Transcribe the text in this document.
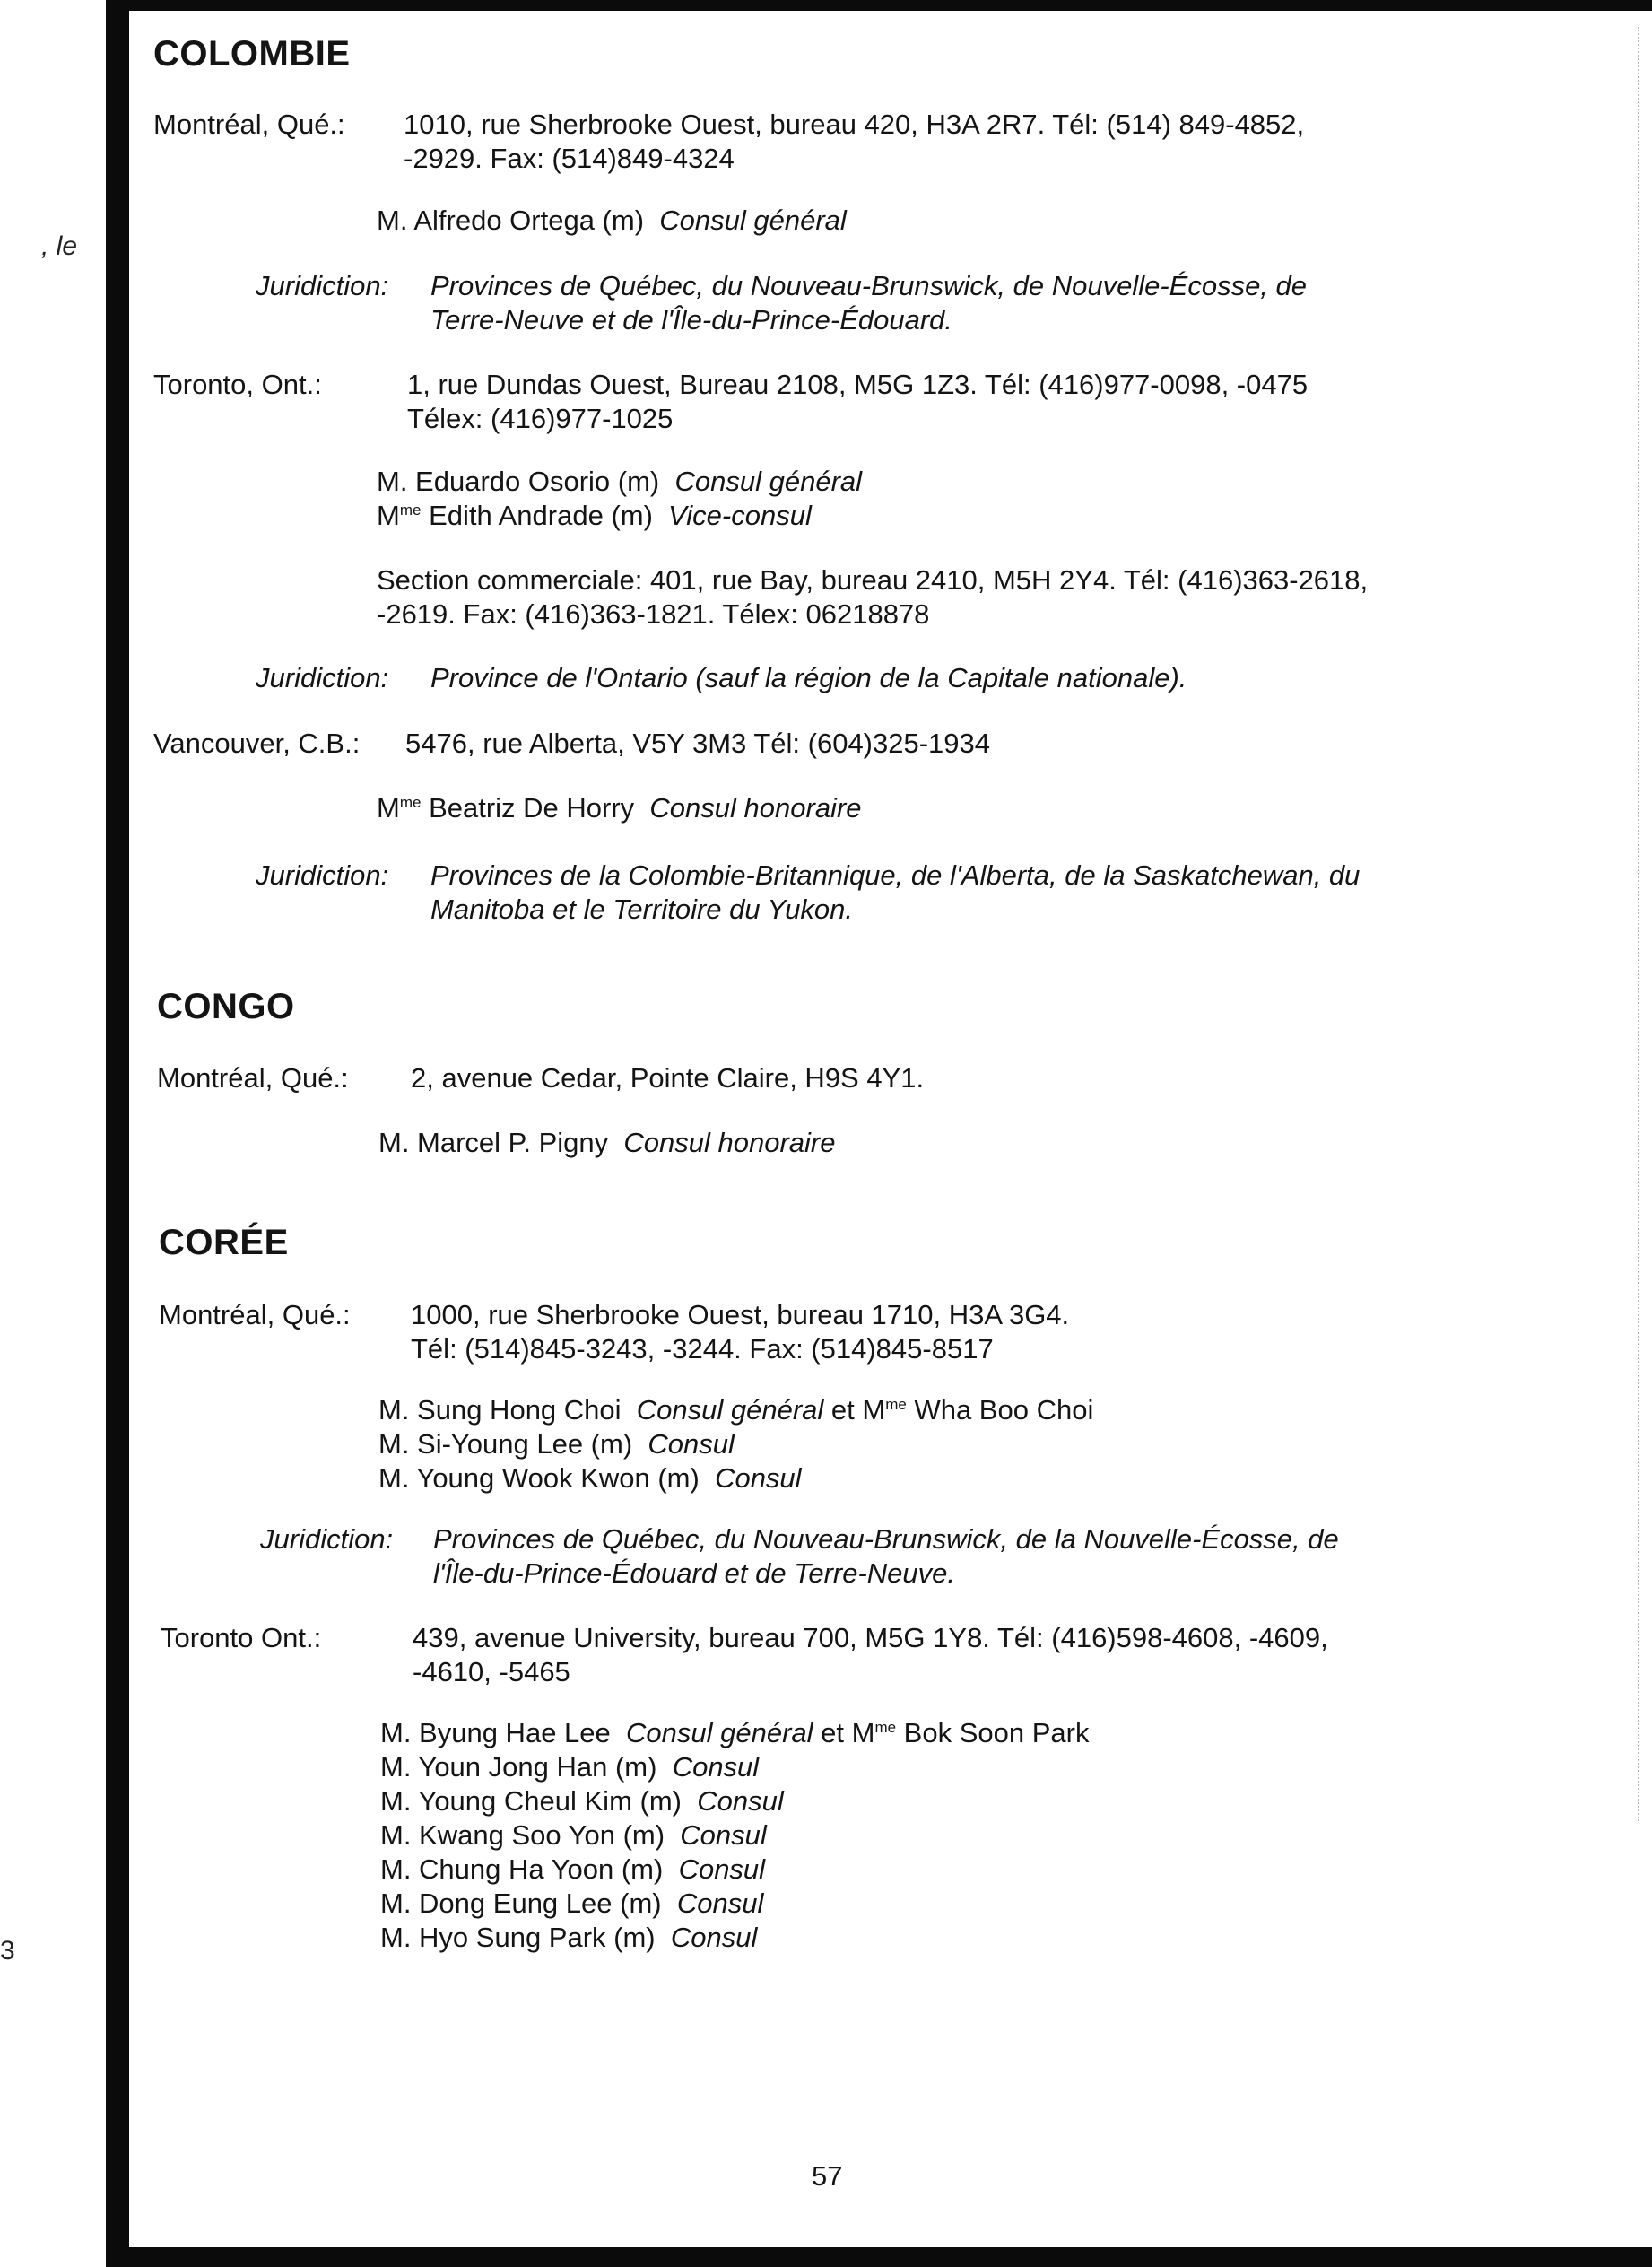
, le
3
COLOMBIE
Montréal, Qué.: 1010, rue Sherbrooke Ouest, bureau 420, H3A 2R7. Tél: (514) 849-4852,
-2929. Fax: (514)849-4324
M. Alfredo Ortega (m) Consul général
Juridiction: Provinces de Québec, du Nouveau-Brunswick, de Nouvelle-Écosse, de
Terre-Neuve et de l'Île-du-Prince-Édouard.
Toronto, Ont.:	1, rue Dundas Ouest, Bureau 2108, M5G 1Z3. Tél: (416)977-0098, -0475
Télex: (416)977-1025
M. Eduardo Osorio (m) Consul général
$M^{me}$ Edith Andrade (m) Vice-consul
Section commerciale: 401, rue Bay, bureau 2410, M5H 2Y4. Tél: (416)363-2618,
-2619. Fax: (416)363-1821. Télex: 06218878
Juridiction: Province de l'Ontario (sauf la région de la Capitale nationale).
Vancouver, C.B.: 5476, rue Alberta, V5Y 3M3 Tél: (604)325-1934
$M^{me}$ Beatriz De Horry Consul honoraire
Juridiction: Provinces de la Colombie-Britannique, de l'Alberta, de la Saskatchewan, du
Manitoba et le Territoire du Yukon.
CONGO
Montréal, Qué.: 2, avenue Cedar, Pointe Claire, H9S 4Y1.
M. Marcel P. Pigny Consul honoraire
CORÉE
Montréal, Qué.: 1000, rue Sherbrooke Ouest, bureau 1710, H3A 3G4.
Tél: (514)845-3243, -3244. Fax: (514)845-8517
M. Sung Hong Choi Consul général et $M^{me}$ Wha Boo Choi
M. Si-Young Lee (m) Consul
M. Young Wook Kwon (m) Consul
Juridiction: Provinces de Québec, du Nouveau-Brunswick, de la Nouvelle-Écosse, de
l'Île-du-Prince-Édouard et de Terre-Neuve.
Toronto Ont.:	439, avenue University, bureau 700, M5G 1Y8. Tél: (416)598-4608, -4609,
-4610, -5465
M. Byung Hae Lee Consul général et $M^{me}$ Bok Soon Park
M. Youn Jong Han (m) Consul
M. Young Cheul Kim (m) Consul
M. Kwang Soo Yon (m) Consul
M. Chung Ha Yoon (m) Consul
M. Dong Eung Lee (m) Consul
M. Hyo Sung Park (m) Consul
57
